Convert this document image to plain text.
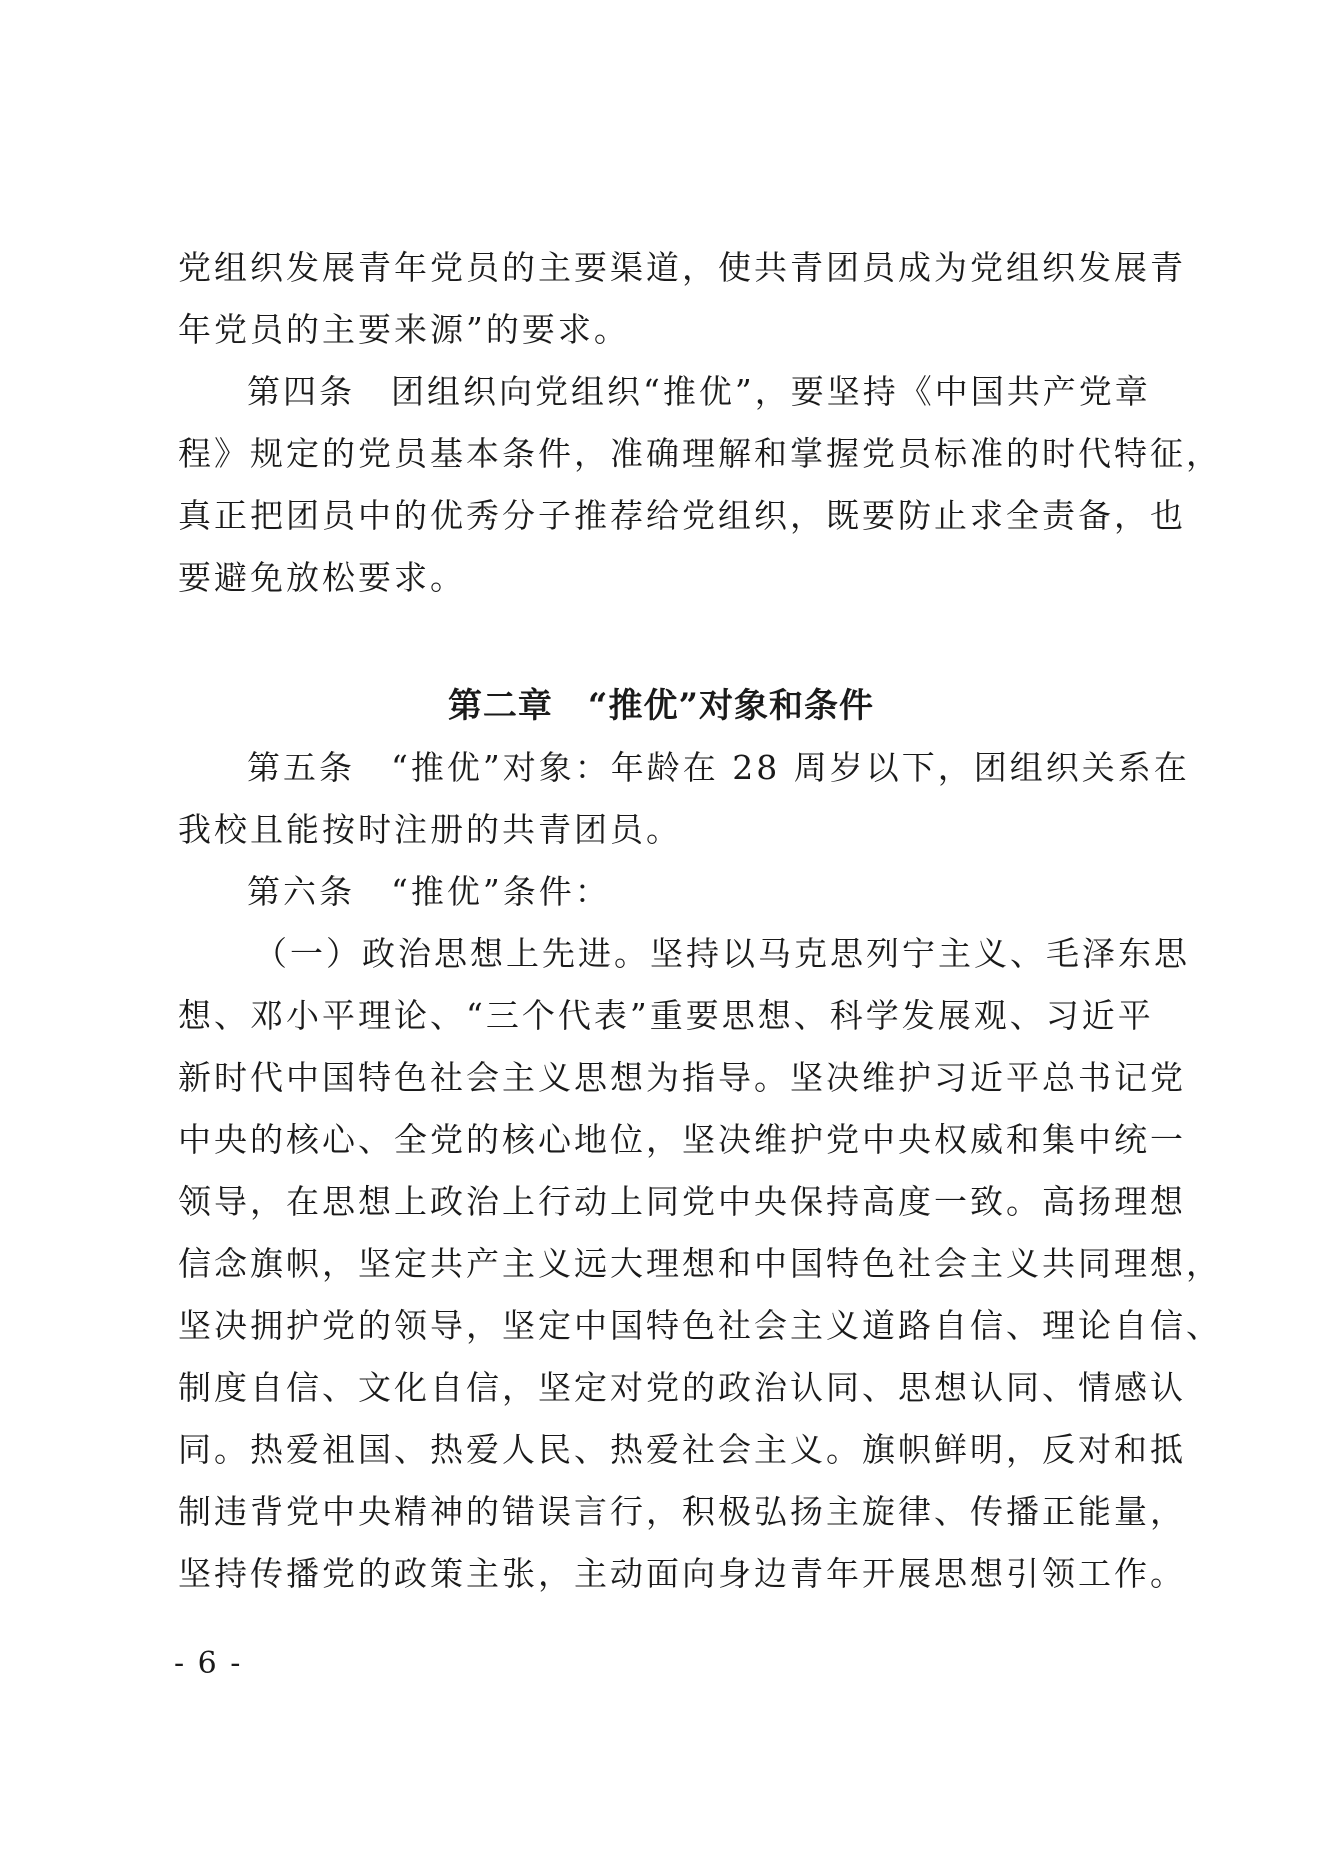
党组织发展青年党员的主要渠道，使共青团员成为党组织发展青
年党员的主要来源”的要求。
第四条　团组织向党组织“推优”，要坚持《中国共产党章
程》规定的党员基本条件，准确理解和掌握党员标准的时代特征，
真正把团员中的优秀分子推荐给党组织，既要防止求全责备，也
要避免放松要求。
第二章　“推优”对象和条件
第五条　“推优”对象：年龄在 28 周岁以下，团组织关系在
我校且能按时注册的共青团员。
第六条　“推优”条件：
（一）政治思想上先进。坚持以马克思列宁主义、毛泽东思
想、邓小平理论、“三个代表”重要思想、科学发展观、习近平
新时代中国特色社会主义思想为指导。坚决维护习近平总书记党
中央的核心、全党的核心地位，坚决维护党中央权威和集中统一
领导，在思想上政治上行动上同党中央保持高度一致。高扬理想
信念旗帜，坚定共产主义远大理想和中国特色社会主义共同理想，
坚决拥护党的领导，坚定中国特色社会主义道路自信、理论自信、
制度自信、文化自信，坚定对党的政治认同、思想认同、情感认
同。热爱祖国、热爱人民、热爱社会主义。旗帜鲜明，反对和抵
制违背党中央精神的错误言行，积极弘扬主旋律、传播正能量，
坚持传播党的政策主张，主动面向身边青年开展思想引领工作。
- 6 -
